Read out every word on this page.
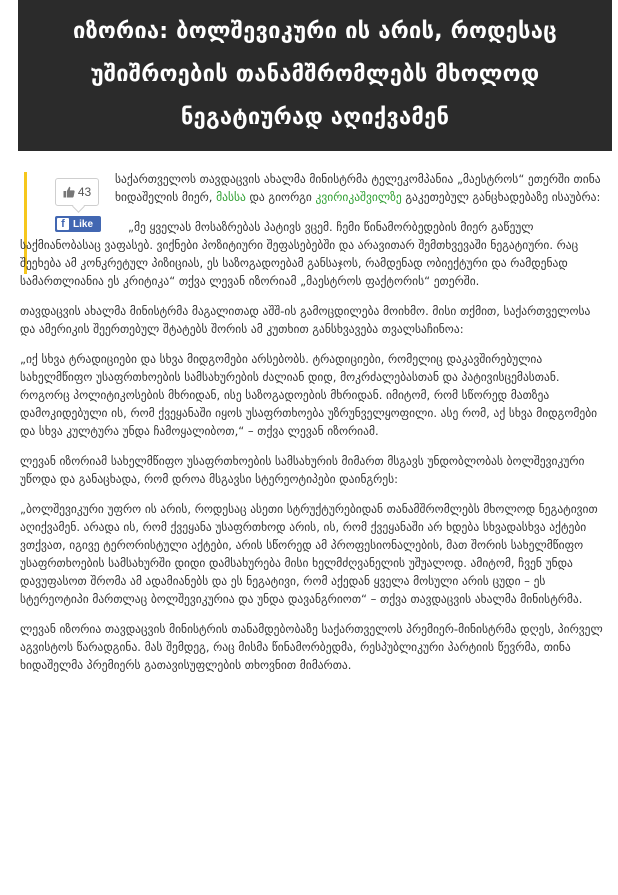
იზორია: ბოლშევიკური ის არის, როდესაც
უშიშროების თანამშრომლებს მხოლოდ
ნეგატიურად აღიქვამენ
43
f Like

საქართველოს თავდაცვის ახალმა მინისტრმა ტელეკომპანია „მაესტროს“ ეთერში თინა ხიდაშელის მიერ, მასსა და გიორგი კვირიკაშვილზე გაკეთებულ განცხადებაზე ისაუბრა:

„მე ყველას მოსაზრებას პატივს ვცემ. ჩემი წინამორბედების მიერ გაწეულ საქმიანობასაც ვაფასებ. ვიქნები პოზიტიური შეფასებებში და არავითარ შემთხვევაში ნეგატიური. რაც შეეხება ამ კონკრეტულ პიზიციას, ეს საზოგადოებამ განსაჯოს, რამდენად ობიექტური და რამდენად სამართლიანია ეს კრიტიკა“ თქვა ლევან იზორიამ „მაესტროს ფაქტორის“ ეთერში.

თავდაცვის ახალმა მინისტრმა მაგალითად აშშ-ის გამოცდილება მოიხმო. მისი თქმით, საქართველოსა და ამერიკის შეერთებულ შტატებს შორის ამ კუთხით განსხვავება თვალსაჩინოა:

„იქ სხვა ტრადიციები და სხვა მიდგომები არსებობს. ტრადიციები, რომელიც დაკავშირებულია სახელმწიფო უსაფრთხოების სამსახურების ძალიან დიდ, მოკრძალებასთან და პატივისცემასთან. როგორც პოლიტიკოსების მხრიდან, ისე საზოგადოების მხრიდან. იმიტომ, რომ სწორედ მათზეა დამოკიდებული ის, რომ ქვეყანაში იყოს უსაფრთხოება უზრუნველყოფილი. ასე რომ, აქ სხვა მიდგომები და სხვა კულტურა უნდა ჩამოყალიბოთ,“ – თქვა ლევან იზორიამ.

ლევან იზორიამ სახელმწიფო უსაფრთხოების სამსახურის მიმართ მსგავს უნდობლობას ბოლშევიკური უწოდა და განაცხადა, რომ დროა მსგავსი სტერეოტიპები დაინგრეს:

„ბოლშევიკური უფრო ის არის, როდესაც ასეთი სტრუქტურებიდან თანამშრომლებს მხოლოდ ნეგატივით აღიქვამენ. არადა ის, რომ ქვეყანა უსაფრთხოდ არის, ის, რომ ქვეყანაში არ ხდება სხვადასხვა აქტები ვთქვათ, იგივე ტერორისტული აქტები, არის სწორედ ამ პროფესიონალების, მათ შორის სახელმწიფო უსაფრთხოების სამსახურში დიდი დამსახურება მისი ხელმძღვანელის უშუალოდ. ამიტომ, ჩვენ უნდა დავუფასოთ შრომა ამ ადამიანებს და ეს ნეგატივი, რომ აქედან ყველა მოსული არის ცუდი – ეს სტერეოტიპი მართლაც ბოლშევიკურია და უნდა დავანგრიოთ“ – თქვა თავდაცვის ახალმა მინისტრმა.

ლევან იზორია თავდაცვის მინისტრის თანამდებობაზე საქართველოს პრემიერ-მინისტრმა დღეს, პირველ აგვისტოს წარადგინა. მას შემდეგ, რაც მისმა წინამორბედმა, რესპუბლიკური პარტიის წევრმა, თინა ხიდაშელმა პრემიერს გათავისუფლების თხოვნით მიმართა.
